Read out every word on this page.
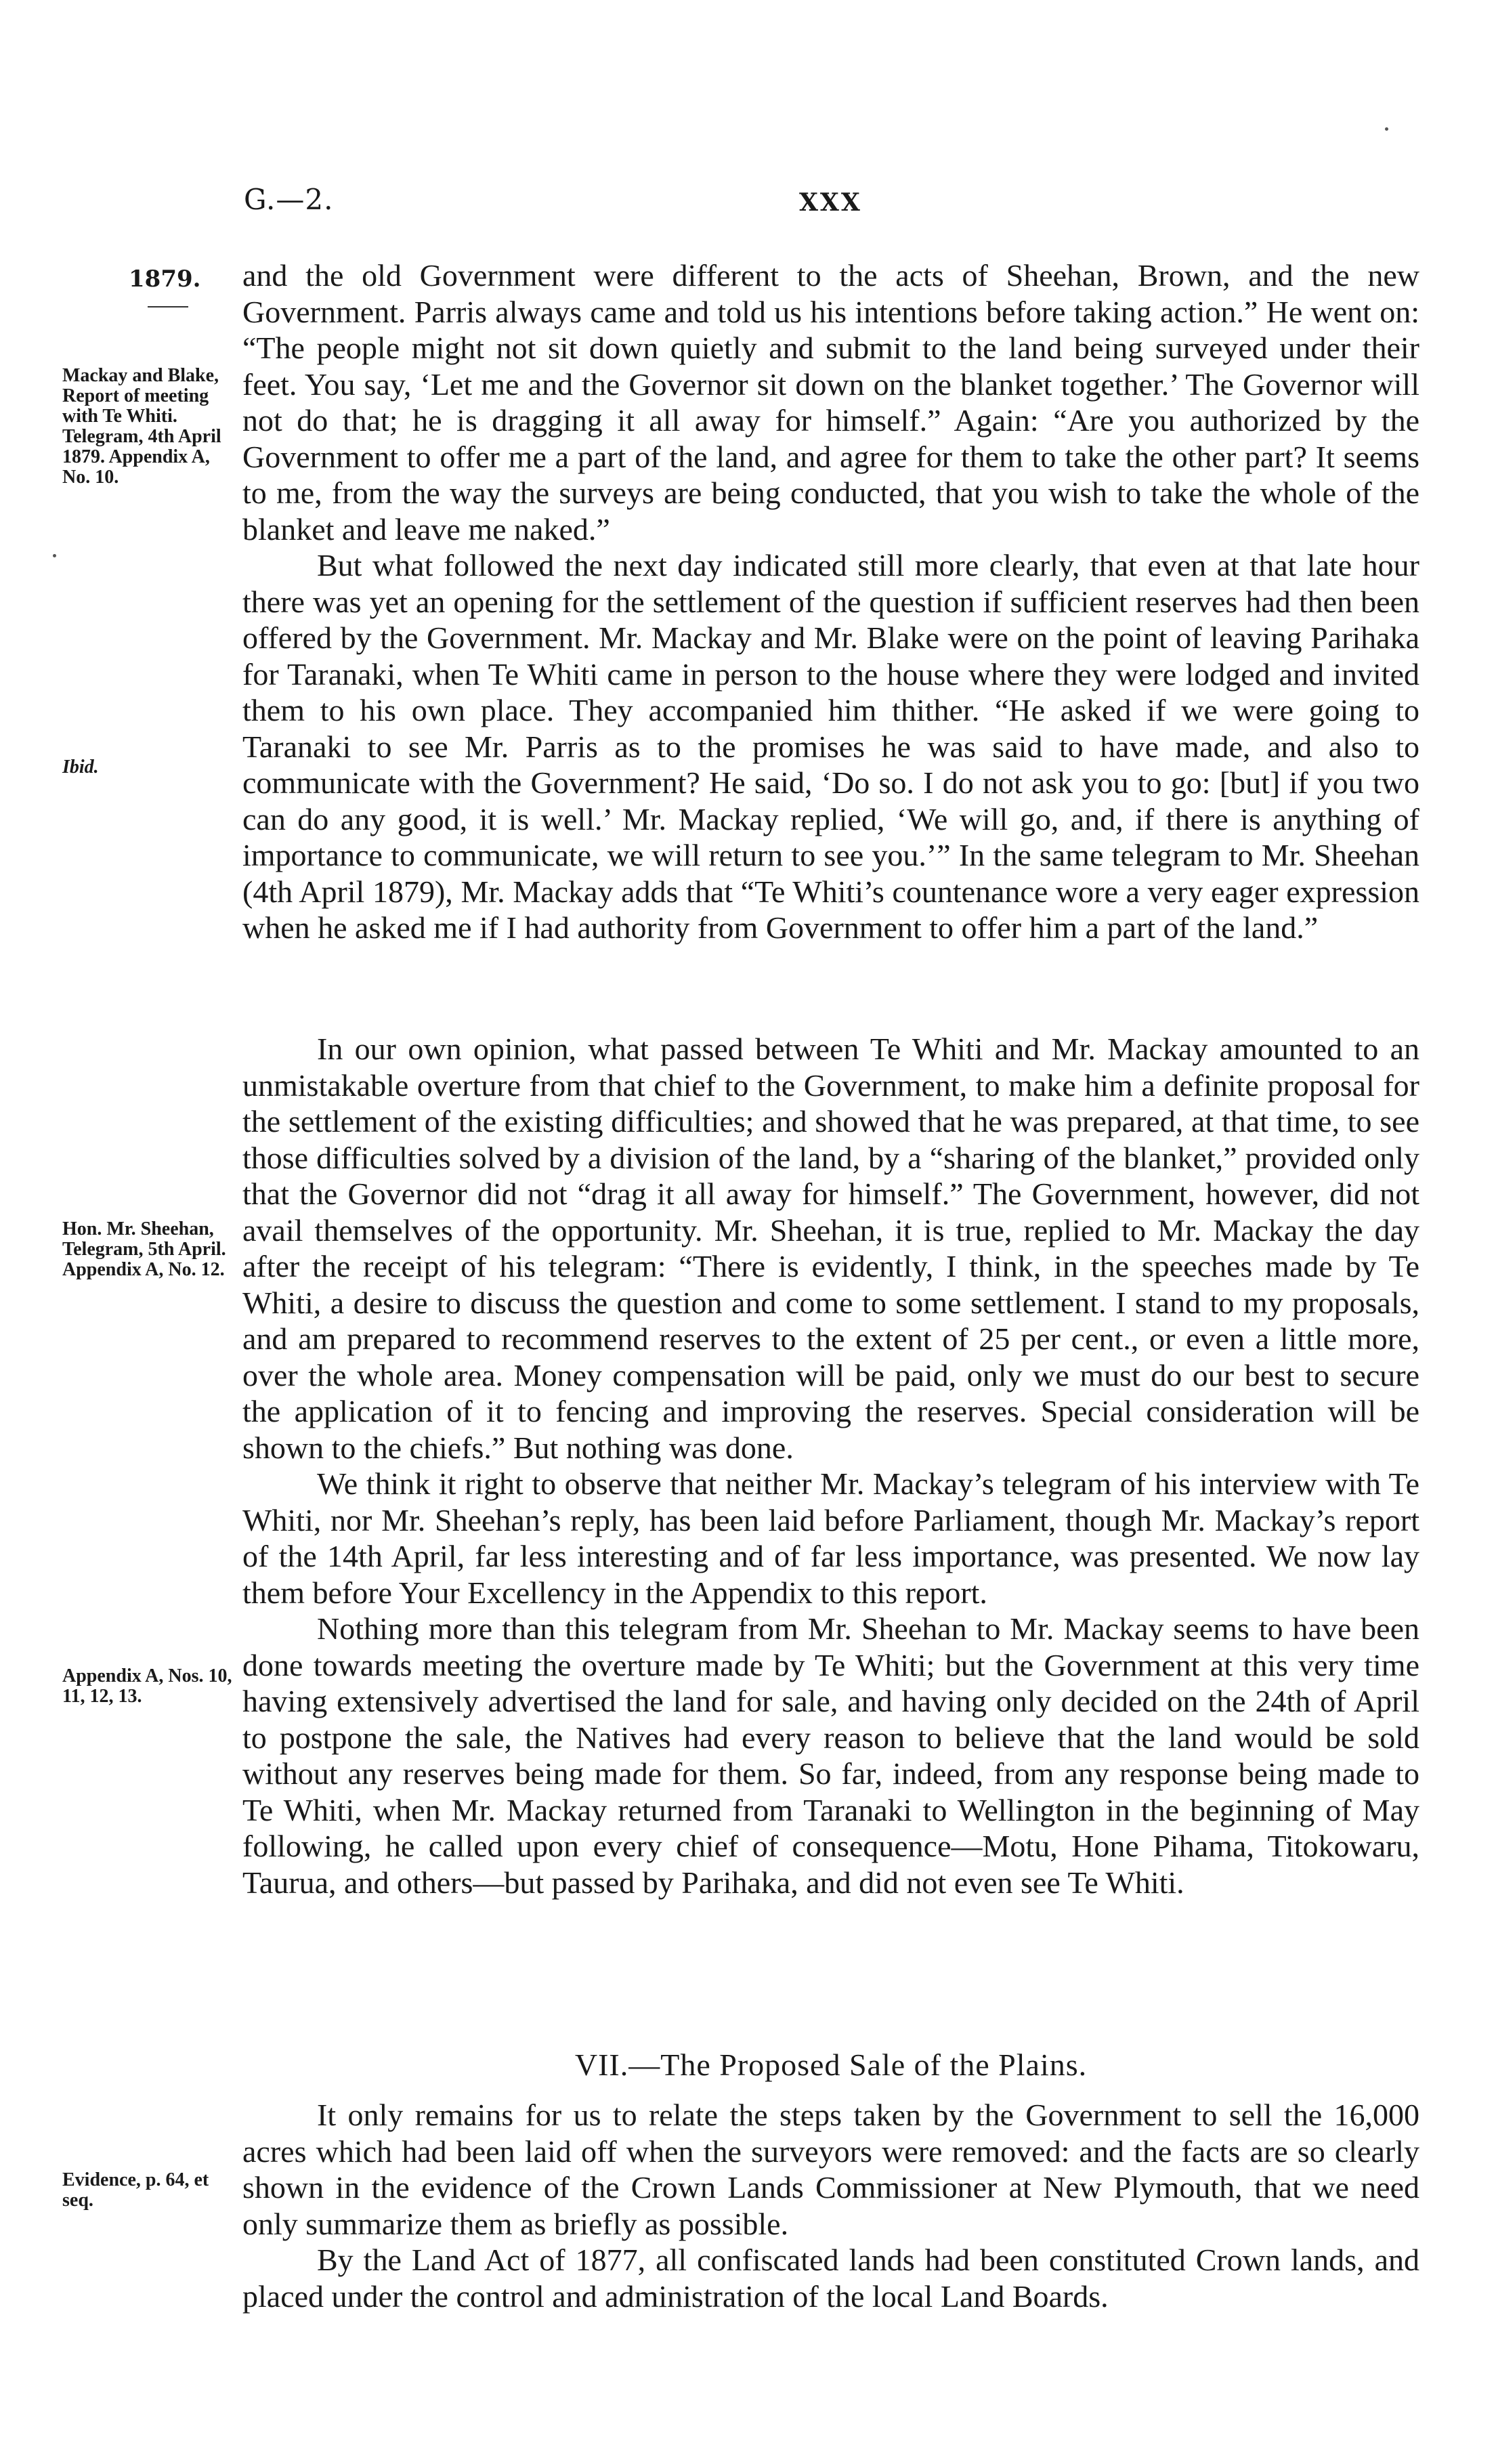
G.—2.	XXX
1879.
Mackay and Blake, Report of meeting with Te Whiti. Telegram, 4th April 1879. Appendix A, No. 10.
Ibid.
Hon. Mr. Sheehan, Telegram, 5th April. Appendix A, No. 12.
Appendix A, Nos. 10, 11, 12, 13.
Evidence, p. 64, et seq.

and the old Government were different to the acts of Sheehan, Brown, and the new Government. Parris always came and told us his intentions before taking action.” He went on: “The people might not sit down quietly and submit to the land being surveyed under their feet. You say, ‘Let me and the Governor sit down on the blanket together.’ The Governor will not do that; he is dragging it all away for himself.” Again: “Are you authorized by the Government to offer me a part of the land, and agree for them to take the other part? It seems to me, from the way the surveys are being conducted, that you wish to take the whole of the blanket and leave me naked.”

But what followed the next day indicated still more clearly, that even at that late hour there was yet an opening for the settlement of the question if sufficient reserves had then been offered by the Government. Mr. Mackay and Mr. Blake were on the point of leaving Parihaka for Taranaki, when Te Whiti came in person to the house where they were lodged and invited them to his own place. They accompanied him thither. “He asked if we were going to Taranaki to see Mr. Parris as to the promises he was said to have made, and also to communicate with the Government? He said, ‘Do so. I do not ask you to go: [but] if you two can do any good, it is well.’ Mr. Mackay replied, ‘We will go, and, if there is anything of importance to communicate, we will return to see you.’” In the same telegram to Mr. Sheehan (4th April 1879), Mr. Mackay adds that “Te Whiti’s countenance wore a very eager expression when he asked me if I had authority from Government to offer him a part of the land.”

In our own opinion, what passed between Te Whiti and Mr. Mackay amounted to an unmistakable overture from that chief to the Government, to make him a definite proposal for the settlement of the existing difficulties; and showed that he was prepared, at that time, to see those difficulties solved by a division of the land, by a “sharing of the blanket,” provided only that the Governor did not “drag it all away for himself.” The Government, however, did not avail themselves of the opportunity. Mr. Sheehan, it is true, replied to Mr. Mackay the day after the receipt of his telegram: “There is evidently, I think, in the speeches made by Te Whiti, a desire to discuss the question and come to some settlement. I stand to my proposals, and am prepared to recommend reserves to the extent of 25 per cent., or even a little more, over the whole area. Money compensation will be paid, only we must do our best to secure the application of it to fencing and improving the reserves. Special consideration will be shown to the chiefs.” But nothing was done.

We think it right to observe that neither Mr. Mackay’s telegram of his interview with Te Whiti, nor Mr. Sheehan’s reply, has been laid before Parliament, though Mr. Mackay’s report of the 14th April, far less interesting and of far less importance, was presented. We now lay them before Your Excellency in the Appendix to this report.

Nothing more than this telegram from Mr. Sheehan to Mr. Mackay seems to have been done towards meeting the overture made by Te Whiti; but the Government at this very time having extensively advertised the land for sale, and having only decided on the 24th of April to postpone the sale, the Natives had every reason to believe that the land would be sold without any reserves being made for them. So far, indeed, from any response being made to Te Whiti, when Mr. Mackay returned from Taranaki to Wellington in the beginning of May following, he called upon every chief of consequence—Motu, Hone Pihama, Titokowaru, Taurua, and others—but passed by Parihaka, and did not even see Te Whiti.

VII.—The Proposed Sale of the Plains.

It only remains for us to relate the steps taken by the Government to sell the 16,000 acres which had been laid off when the surveyors were removed: and the facts are so clearly shown in the evidence of the Crown Lands Commissioner at New Plymouth, that we need only summarize them as briefly as possible.

By the Land Act of 1877, all confiscated lands had been constituted Crown lands, and placed under the control and administration of the local Land Boards.
